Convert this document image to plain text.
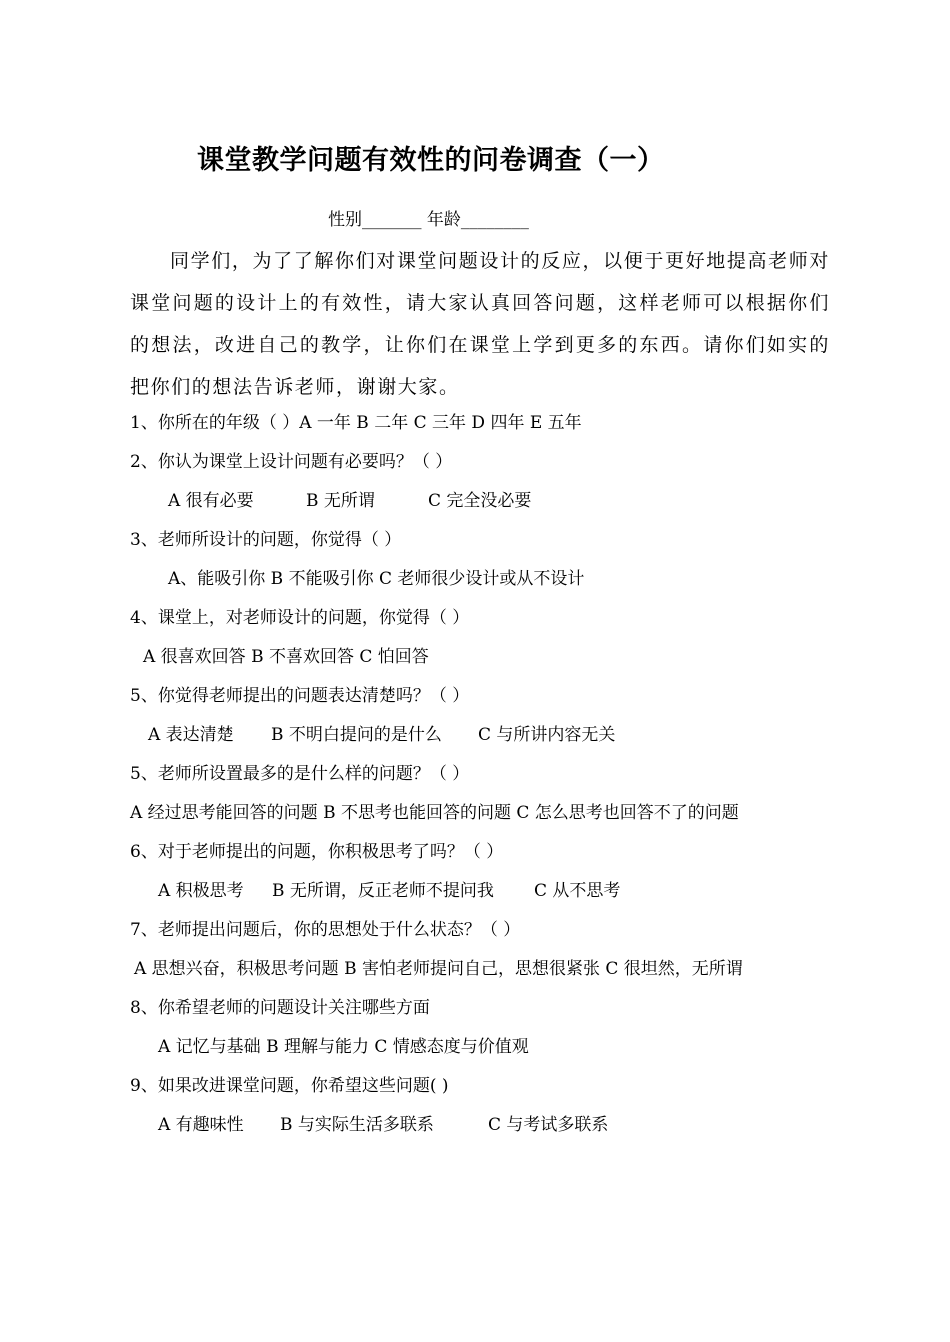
课堂教学问题有效性的问卷调查（一）
性别_______ 年龄________
同学们，为了了解你们对课堂问题设计的反应，以便于更好地提高老师对课堂问题的设计上的有效性，请大家认真回答问题，这样老师可以根据你们的想法，改进自己的教学，让你们在课堂上学到更多的东西。请你们如实的把你们的想法告诉老师，谢谢大家。
1、你所在的年级（ ）A 一年 B 二年 C 三年 D 四年 E 五年
2、你认为课堂上设计问题有必要吗？（ ）
A 很有必要	B 无所谓	C 完全没必要
3、老师所设计的问题，你觉得（ ）
A、能吸引你 B 不能吸引你 C 老师很少设计或从不设计
4、课堂上，对老师设计的问题，你觉得（ ）
A 很喜欢回答 B 不喜欢回答 C 怕回答
5、你觉得老师提出的问题表达清楚吗？（ ）
A 表达清楚 B 不明白提问的是什么 C 与所讲内容无关
5、老师所设置最多的是什么样的问题？（ ）
A 经过思考能回答的问题 B 不思考也能回答的问题 C 怎么思考也回答不了的问题
6、对于老师提出的问题，你积极思考了吗？（ ）
A 积极思考 B 无所谓，反正老师不提问我 C 从不思考
7、老师提出问题后，你的思想处于什么状态？（ ）
A 思想兴奋，积极思考问题 B 害怕老师提问自己，思想很紧张 C 很坦然，无所谓
8、你希望老师的问题设计关注哪些方面
A 记忆与基础 B 理解与能力 C 情感态度与价值观
9、如果改进课堂问题，你希望这些问题( )
A 有趣味性 B 与实际生活多联系	C 与考试多联系
